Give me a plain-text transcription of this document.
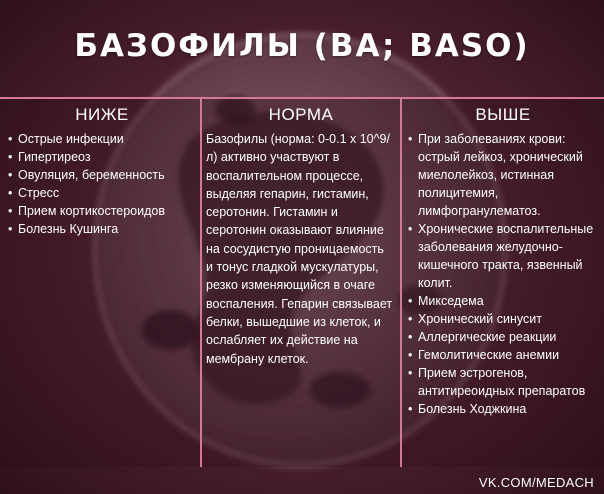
БАЗОФИЛЫ (BA; BASO)
НИЖЕ
• Острые инфекции
• Гипертиреоз
• Овуляция, беременность
• Стресс
• Прием кортикостероидов
• Болезнь Кушинга
НОРМА

Базофилы (норма: 0-0.1 х 10^9/л) активно участвуют в воспалительном процессе, выделяя гепарин, гистамин, серотонин. Гистамин и серотонин оказывают влияние на сосудистую проницаемость и тонус гладкой мускулатуры, резко изменяющийся в очаге воспаления. Гепарин связывает белки, вышедшие из клеток, и ослабляет их действие на мембрану клеток.

ВЫШЕ
• При заболеваниях крови: острый лейкоз, хронический миелолейкоз, истинная полицитемия, лимфогранулематоз.
• Хронические воспалительные заболевания желудочно-кишечного тракта, язвенный колит.
• Микседема
• Хронический синусит
• Аллергические реакции
• Гемолитические анемии
• Прием эстрогенов, антитиреоидных препаратов
• Болезнь Ходжкина
VK.COM/MEDACH
